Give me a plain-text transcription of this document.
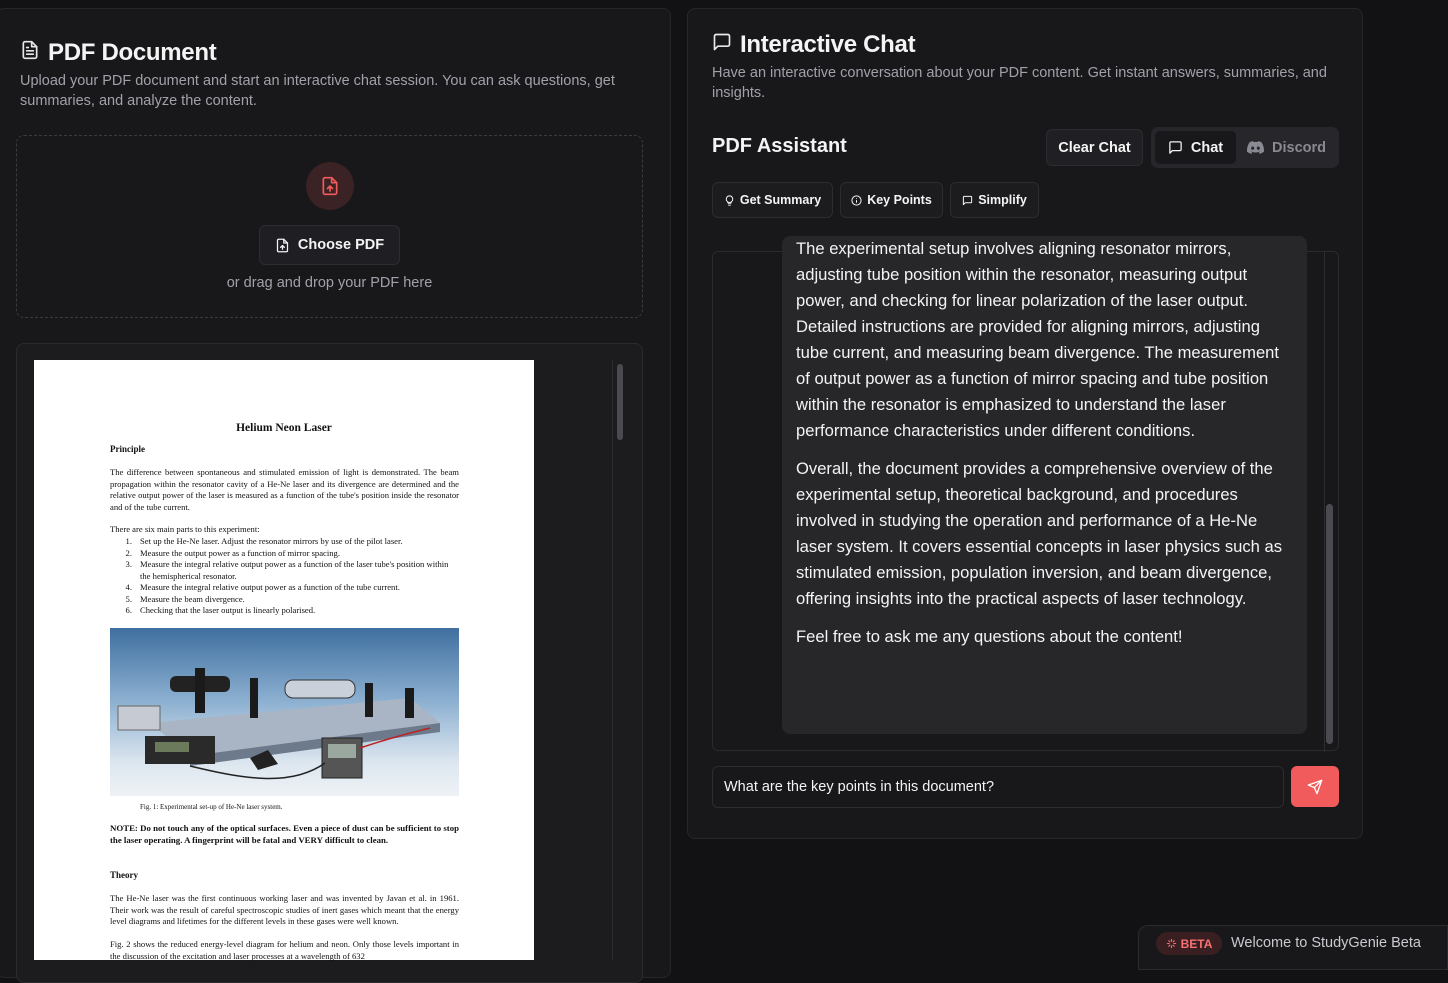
PDF Document

Upload your PDF document and start an interactive chat session. You can ask questions, get summaries, and analyze the content.

Choose PDF
or drag and drop your PDF here
Helium Neon Laser
Principle
The difference between spontaneous and stimulated emission of light is demonstrated. The beam propagation within the resonator cavity of a He-Ne laser and its divergence are determined and the relative output power of the laser is measured as a function of the tube's position inside the resonator and of the tube current.
There are six main parts to this experiment:
1. Set up the He-Ne laser. Adjust the resonator mirrors by use of the pilot laser.
2. Measure the output power as a function of mirror spacing.
3. Measure the integral relative output power as a function of the laser tube's position within the hemispherical resonator.
4. Measure the integral relative output power as a function of the tube current.
5. Measure the beam divergence.
6. Checking that the laser output is linearly polarised.
Fig. 1: Experimental set-up of He-Ne laser system.
NOTE: Do not touch any of the optical surfaces. Even a piece of dust can be sufficient to stop the laser operating. A fingerprint will be fatal and VERY difficult to clean.
Theory
The He-Ne laser was the first continuous working laser and was invented by Javan et al. in 1961. Their work was the result of careful spectroscopic studies of inert gases which meant that the energy level diagrams and lifetimes for the different levels in these gases were well known.
Fig. 2 shows the reduced energy-level diagram for helium and neon. Only those levels important in the discussion of the excitation and laser processes at a wavelength of 632
Interactive Chat

Have an interactive conversation about your PDF content. Get instant answers, summaries, and insights.

PDF Assistant	Clear Chat	Chat	Discord
Get Summary	Key Points	Simplify

The experimental setup involves aligning resonator mirrors, adjusting tube position within the resonator, measuring output power, and checking for linear polarization of the laser output. Detailed instructions are provided for aligning mirrors, adjusting tube current, and measuring beam divergence. The measurement of output power as a function of mirror spacing and tube position within the resonator is emphasized to understand the laser performance characteristics under different conditions.

Overall, the document provides a comprehensive overview of the experimental setup, theoretical background, and procedures involved in studying the operation and performance of a He-Ne laser system. It covers essential concepts in laser physics such as stimulated emission, population inversion, and beam divergence, offering insights into the practical aspects of laser technology.

Feel free to ask me any questions about the content!

What are the key points in this document?
BETA Welcome to StudyGenie Beta
